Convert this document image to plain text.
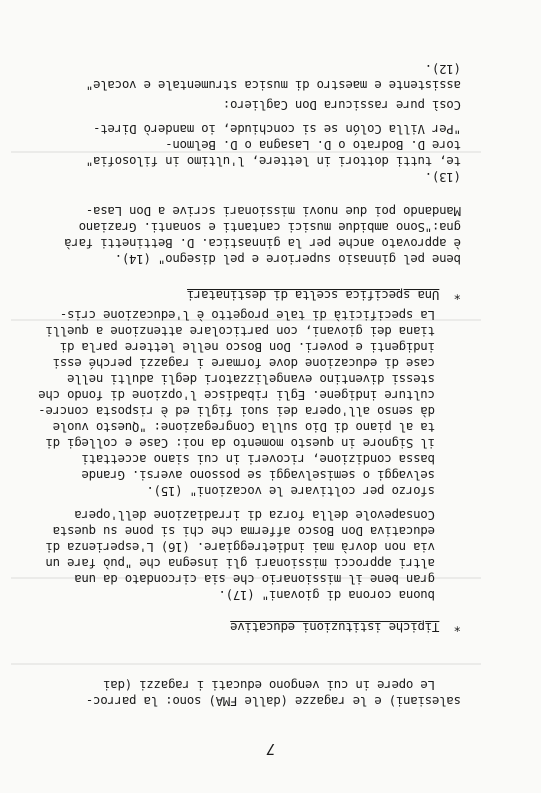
7
assistente e maestro di musica strumentale e vocale"
(12).
Così pure rassicura Don Cagliero:
"Per Villa Colón se si conchiude, io manderò Diret-
tore D. Bodrato o D. Lasagna o D. Belmon-
te, tutti dottori in lettere, l'ultimo in filosofia"
(13).
Mandando poi due nuovi missionari scrive a Don Lasa-
gna:"Sono ambidue musici cantanti e sonanti. Graziano
è approvato anche per la ginnastica. D. Bettinetti farà
bene pel ginnasio superiore e pel disegno" (14).
*  Una specifica scelta di destinatari
La specificità di tale progetto è l'educazione cris-
tiana dei giovani, con particolare attenzione a quelli
indigenti e poveri. Don Bosco nelle lettere parla di
case di educazione dove formare i ragazzi perché essi
stessi diventino evangelizzatori degli adulti nelle
culture indigene. Egli ribadisce l'opzione di fondo che
dà senso all'opera dei suoi figli ed è risposta concre-
ta al piano di Dio sulla Congregazione: "Questo vuole
il Signore in questo momento da noi: Case e collegi di
bassa condizione, ricoveri in cui siano accettati
selvaggi o semiselvaggi se possono aversi. Grande
sforzo per coltivare le vocazioni" (15).
Consapevole della forza di irradiazione dell'opera
educativa Don Bosco afferma che chi si pone su questa
via non dovrà mai indietreggiare. (16) L'esperienza di
altri approcci missionari gli insegna che "può fare un
gran bene il missionario che sia circondato da una
buona corona di giovani" (17).
*  Tipiche istituzioni educative
Le opere in cui vengono educati i ragazzi (dai
salesiani) e le ragazze (dalle FMA) sono: la parroc-
